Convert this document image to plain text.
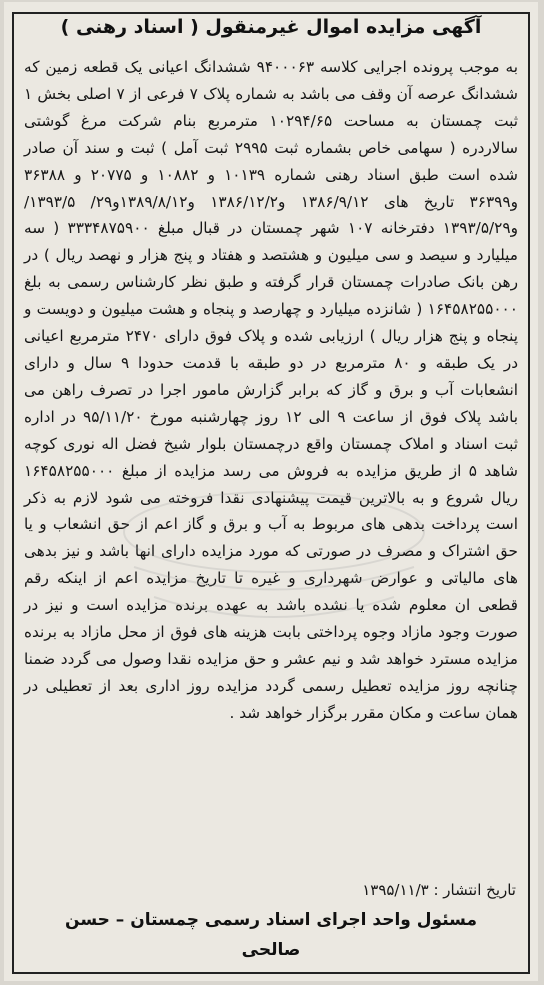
آگهی مزایده اموال غیرمنقول ( اسناد رهنی )
به موجب پرونده اجرایی کلاسه ۹۴۰۰۰۶۳ ششدانگ اعیانی یک قطعه زمین که ششدانگ عرصه آن وقف می باشد به شماره پلاک ۷ فرعی از ۷ اصلی بخش ۱ ثبت چمستان به مساحت ۱۰۲۹۴/۶۵ مترمربع بنام شرکت مرغ گوشتی سالاردره ( سهامی خاص بشماره ثبت ۲۹۹۵ ثبت آمل ) ثبت و سند آن صادر شده است طبق اسناد رهنی شماره ۱۰۱۳۹ و ۱۰۸۸۲ و ۲۰۷۷۵ و ۳۶۳۸۸ و۳۶۳۹۹ تاریخ های ۱۳۸۶/۹/۱۲ و۱۳۸۶/۱۲/۲ و۱۳۸۹/۸/۱۲و۲۹/ ۱۳۹۳/۵/و۱۳۹۳/۵/۲۹ دفترخانه ۱۰۷ شهر چمستان در قبال مبلغ ۳۳۳۴۸۷۵۹۰۰ ( سه میلیارد و سیصد و سی میلیون و هشتصد و هفتاد و پنج هزار و نهصد ریال ) در رهن بانک صادرات چمستان قرار گرفته و طبق نظر کارشناس رسمی به بلغ ۱۶۴۵۸۲۵۵۰۰۰ ( شانزده میلیارد و چهارصد و پنجاه و هشت میلیون و دویست و پنجاه و پنج هزار ریال ) ارزیابی شده و پلاک فوق دارای ۲۴۷۰ مترمربع اعیانی در یک طبقه و ۸۰ مترمربع در دو طبقه با قدمت حدودا ۹ سال و دارای انشعابات آب و برق و گاز که برابر گزارش مامور اجرا در تصرف راهن می باشد پلاک فوق از ساعت ۹ الی ۱۲ روز چهارشنبه مورخ ۹۵/۱۱/۲۰ در اداره ثبت اسناد و املاک چمستان واقع درچمستان بلوار شیخ فضل اله نوری کوچه شاهد ۵ از طریق مزایده به فروش می رسد مزایده از مبلغ ۱۶۴۵۸۲۵۵۰۰۰ ریال شروع و به بالاترین قیمت پیشنهادی نقدا فروخته می شود لازم به ذکر است پرداخت بدهی های مربوط به آب و برق و گاز اعم از حق انشعاب و یا حق اشتراک و مصرف در صورتی که مورد مزایده دارای انها باشد و نیز بدهی های مالیاتی و عوارض شهرداری و غیره تا تاریخ مزایده اعم از اینکه رقم قطعی ان معلوم شده یا نشده باشد به عهده برنده مزایده است و نیز در صورت وجود مازاد وجوه پرداختی بابت هزینه های فوق از محل مازاد به برنده مزایده مسترد خواهد شد و نیم عشر و حق مزایده نقدا وصول می گردد ضمنا چنانچه روز مزایده تعطیل رسمی گردد مزایده روز اداری بعد از تعطیلی در همان ساعت و مکان مقرر برگزار خواهد شد .
تاریخ انتشار : ۱۳۹۵/۱۱/۳
مسئول واحد اجرای اسناد رسمی چمستان – حسن
صالحی
